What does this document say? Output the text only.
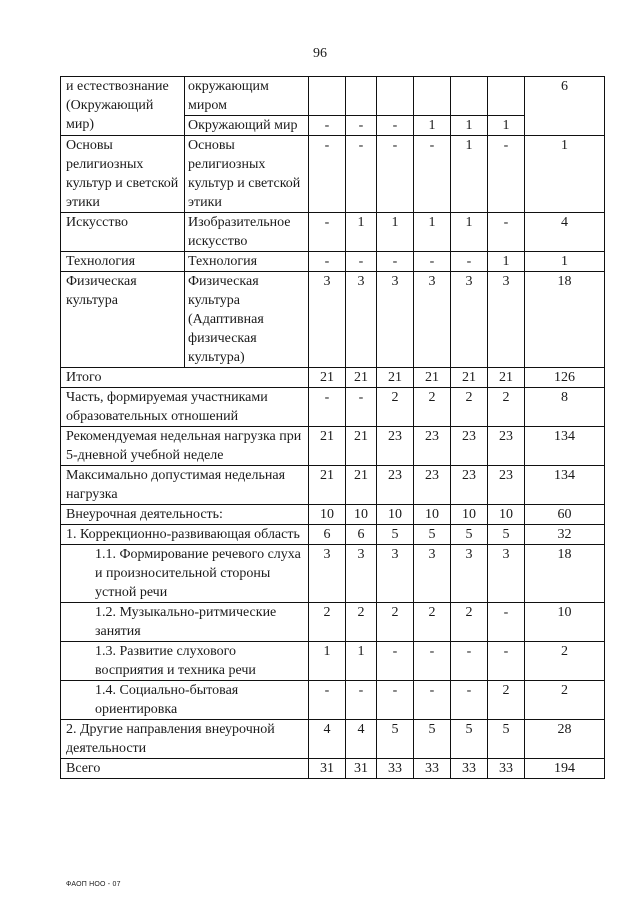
96
и естествознание (Окружающий мир)	окружающим миром							6
	Окружающий мир	-	-	-	1	1	1	
Основы религиозных культур и светской этики	Основы религиозных культур и светской этики	-	-	-	-	1	-	1
Искусство	Изобразительное искусство	-	1	1	1	1	-	4
Технология	Технология	-	-	-	-	-	1	1
Физическая культура	Физическая культура (Адаптивная физическая культура)	3	3	3	3	3	3	18
Итого		21	21	21	21	21	21	126
Часть, формируемая участниками образовательных отношений		-	-	2	2	2	2	8
Рекомендуемая недельная нагрузка при 5-дневной учебной неделе		21	21	23	23	23	23	134
Максимально допустимая недельная нагрузка		21	21	23	23	23	23	134
Внеурочная деятельность:		10	10	10	10	10	10	60
1. Коррекционно-развивающая область		6	6	5	5	5	5	32
1.1. Формирование речевого слуха и произносительной стороны устной речи		3	3	3	3	3	3	18
1.2. Музыкально-ритмические занятия		2	2	2	2	2	-	10
1.3. Развитие слухового восприятия и техника речи		1	1	-	-	-	-	2
1.4. Социально-бытовая ориентировка		-	-	-	-	-	2	2
2. Другие направления внеурочной деятельности		4	4	5	5	5	5	28
Всего		31	31	33	33	33	33	194
ФАОП НОО - 07
